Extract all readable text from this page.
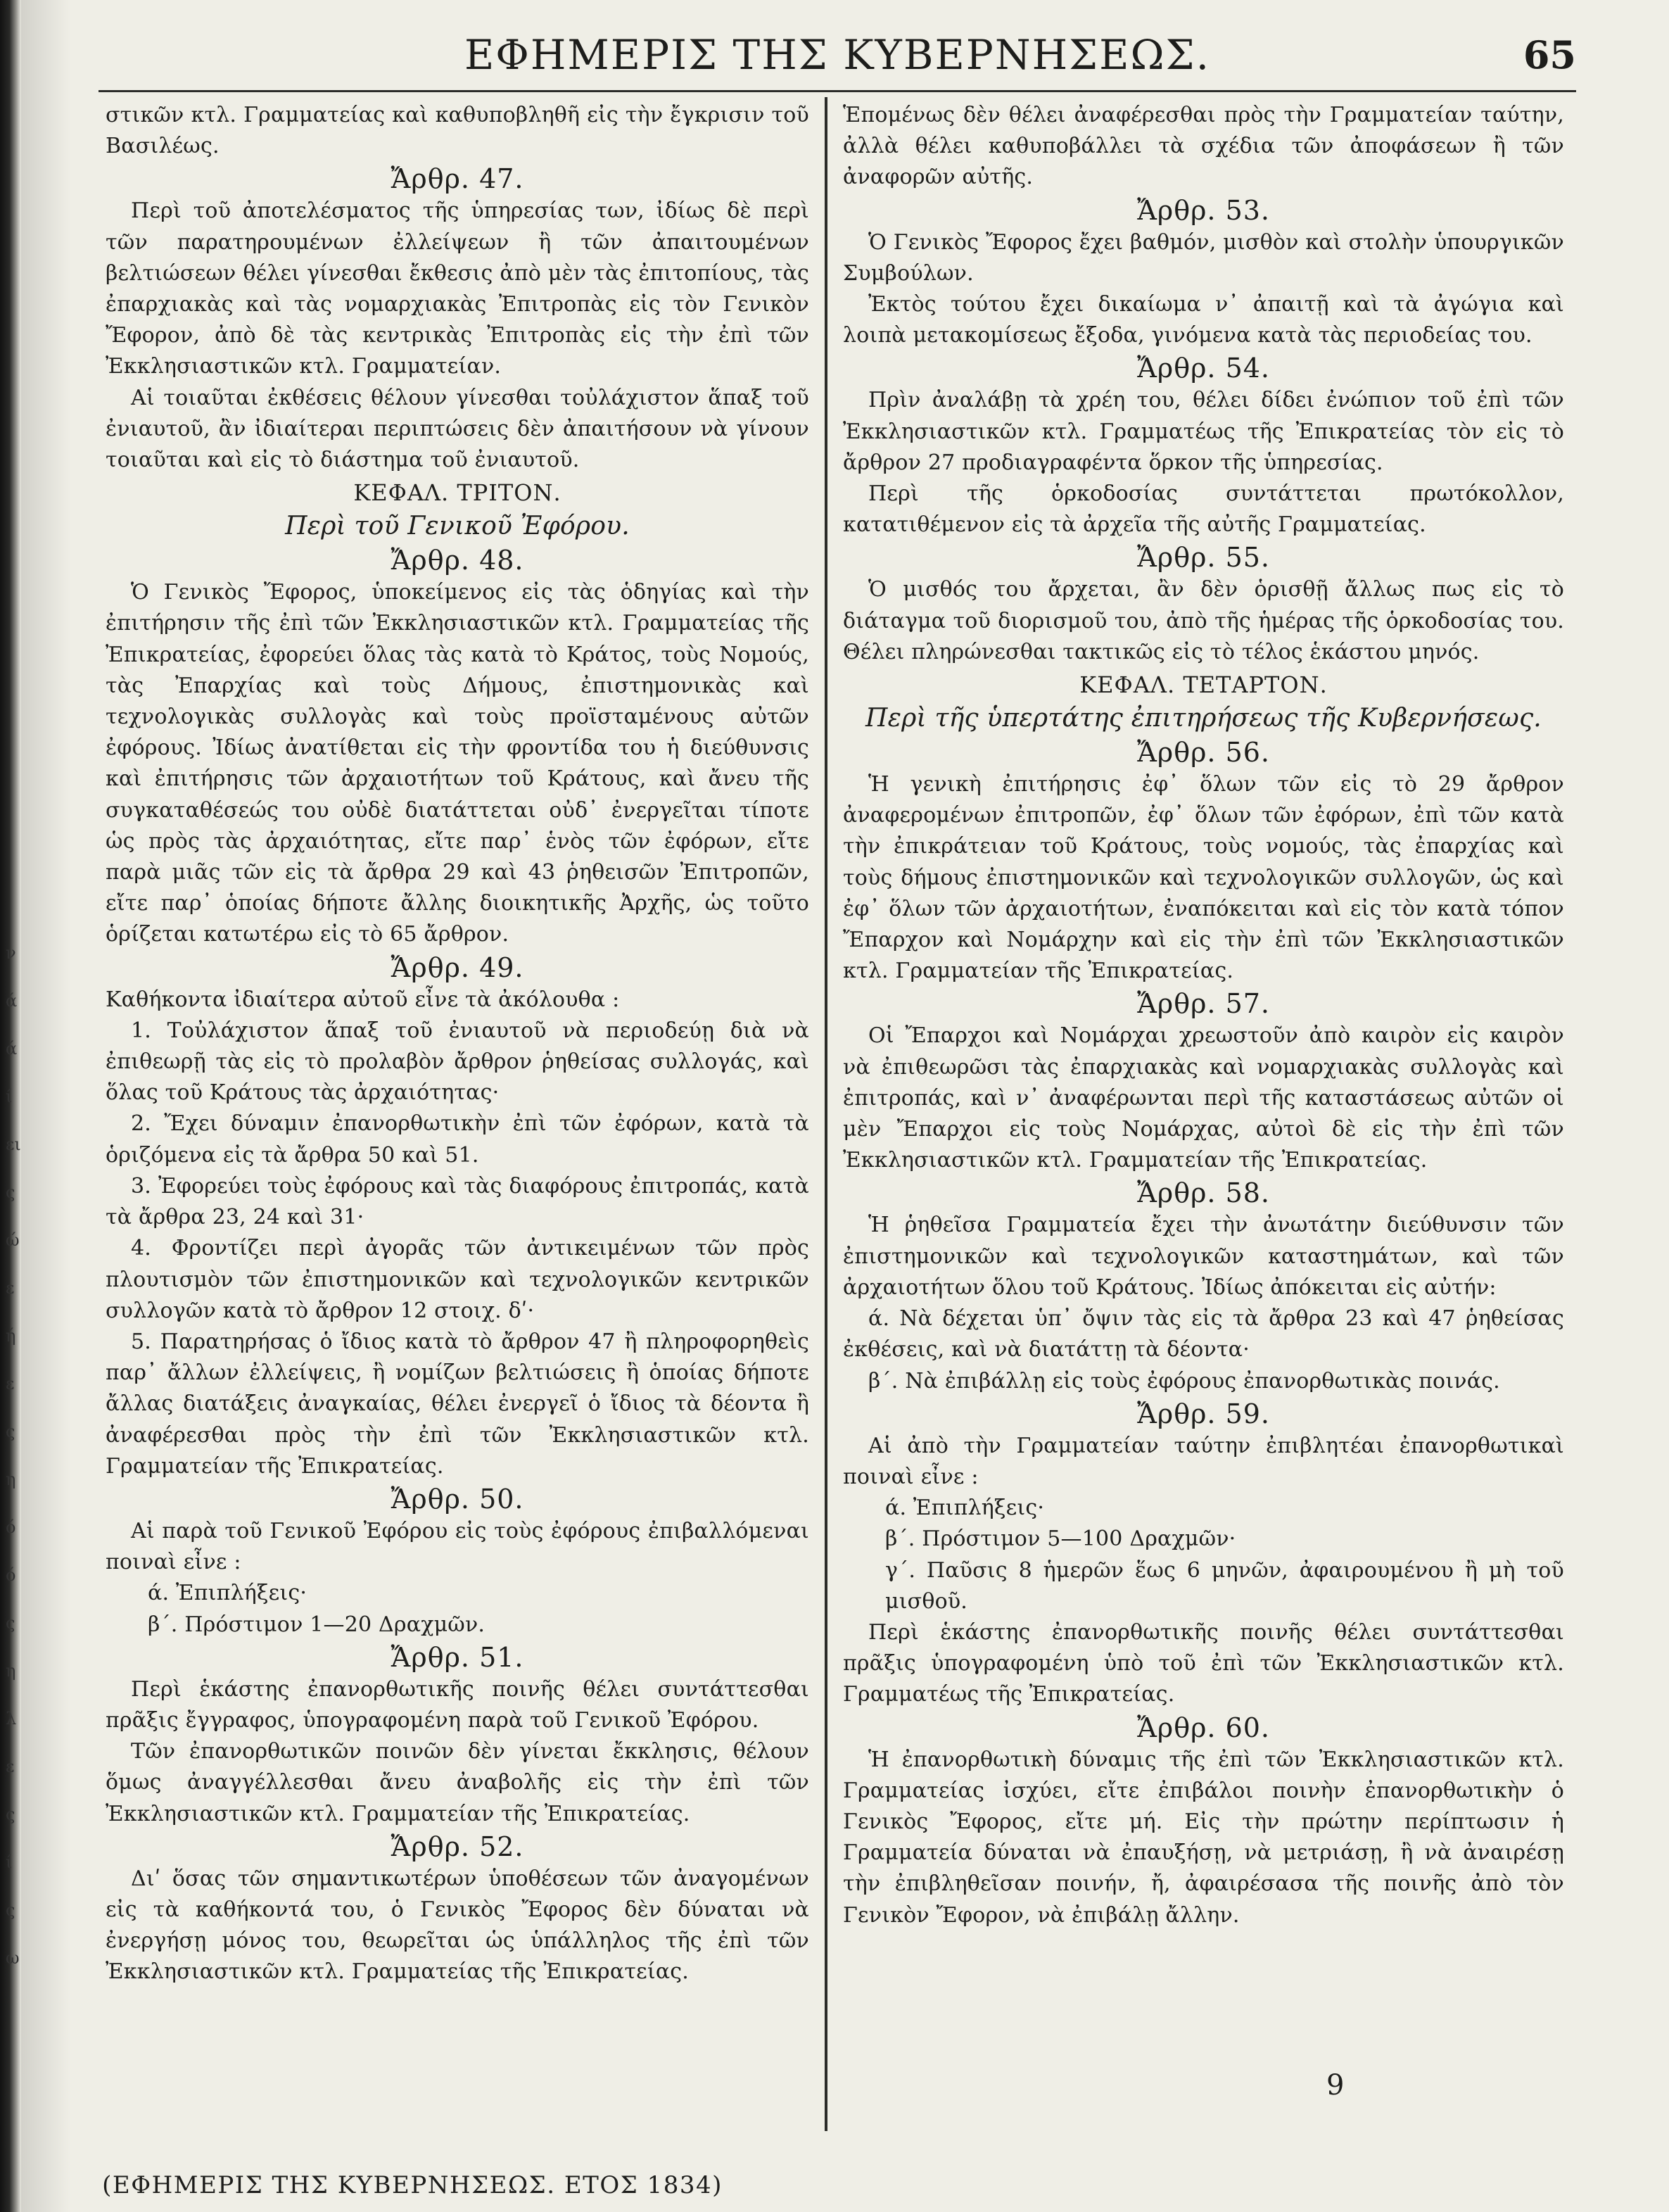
ν
ά
ά
ί
ει
ς
ώ
ε
ή
ε
ς
η
ό
ό
ς
η
λ
ε
ς
ί
ς
ω
ΕΦΗΜΕΡΙΣ ΤΗΣ ΚΥΒΕΡΝΗΣΕΩΣ.	65

στικῶν κτλ. Γραμματείας καὶ καθυποβληθῆ εἰς τὴν ἔγκρισιν τοῦ Βασιλέως.

Ἄρθρ. 47.

Περὶ τοῦ ἀποτελέσματος τῆς ὑπηρεσίας των, ἰδίως δὲ περὶ τῶν παρατηρουμένων ἐλλείψεων ἢ τῶν ἀπαιτουμένων βελτιώσεων θέλει γίνεσθαι ἔκθεσις ἀπὸ μὲν τὰς ἐπιτοπίους, τὰς ἐπαρχιακὰς καὶ τὰς νομαρχιακὰς Ἐπιτροπὰς εἰς τὸν Γενικὸν Ἔφορον, ἀπὸ δὲ τὰς κεντρικὰς Ἐπιτροπὰς εἰς τὴν ἐπὶ τῶν Ἐκκλησιαστικῶν κτλ. Γραμματείαν.

Αἱ τοιαῦται ἐκθέσεις θέλουν γίνεσθαι τοὐλάχιστον ἅπαξ τοῦ ἐνιαυτοῦ, ἂν ἰδιαίτεραι περιπτώσεις δὲν ἀπαιτήσουν νὰ γίνουν τοιαῦται καὶ εἰς τὸ διάστημα τοῦ ἐνιαυτοῦ.

ΚΕΦΑΛ. ΤΡΙΤΟΝ.

Περὶ τοῦ Γενικοῦ Ἐφόρου.

Ἄρθρ. 48.

Ὁ Γενικὸς Ἔφορος, ὑποκείμενος εἰς τὰς ὁδηγίας καὶ τὴν ἐπιτήρησιν τῆς ἐπὶ τῶν Ἐκκλησιαστικῶν κτλ. Γραμματείας τῆς Ἐπικρατείας, ἐφορεύει ὅλας τὰς κατὰ τὸ Κράτος, τοὺς Νομούς, τὰς Ἐπαρχίας καὶ τοὺς Δήμους, ἐπιστημονικὰς καὶ τεχνολογικὰς συλλογὰς καὶ τοὺς προϊσταμένους αὐτῶν ἐφόρους. Ἰδίως ἀνατίθεται εἰς τὴν φροντίδα του ἡ διεύθυνσις καὶ ἐπιτήρησις τῶν ἀρχαιοτήτων τοῦ Κράτους, καὶ ἄνευ τῆς συγκαταθέσεώς του οὐδὲ διατάττεται οὐδ᾽ ἐνεργεῖται τίποτε ὡς πρὸς τὰς ἀρχαιότητας, εἴτε παρ᾽ ἑνὸς τῶν ἐφόρων, εἴτε παρὰ μιᾶς τῶν εἰς τὰ ἄρθρα 29 καὶ 43 ῥηθεισῶν Ἐπιτροπῶν, εἴτε παρ᾽ ὁποίας δήποτε ἄλλης διοικητικῆς Ἀρχῆς, ὡς τοῦτο ὁρίζεται κατωτέρω εἰς τὸ 65 ἄρθρον.

Ἄρθρ. 49.

Καθήκοντα ἰδιαίτερα αὐτοῦ εἶνε τὰ ἀκόλουθα :

1. Τοὐλάχιστον ἅπαξ τοῦ ἐνιαυτοῦ νὰ περιοδεύῃ διὰ νὰ ἐπιθεωρῇ τὰς εἰς τὸ προλαβὸν ἄρθρον ῥηθείσας συλλογάς, καὶ ὅλας τοῦ Κράτους τὰς ἀρχαιότητας·

2. Ἔχει δύναμιν ἐπανορθωτικὴν ἐπὶ τῶν ἐφόρων, κατὰ τὰ ὁριζόμενα εἰς τὰ ἄρθρα 50 καὶ 51.

3. Ἐφορεύει τοὺς ἐφόρους καὶ τὰς διαφόρους ἐπιτροπάς, κατὰ τὰ ἄρθρα 23, 24 καὶ 31·

4. Φροντίζει περὶ ἀγορᾶς τῶν ἀντικειμένων τῶν πρὸς πλουτισμὸν τῶν ἐπιστημονικῶν καὶ τεχνολογικῶν κεντρικῶν συλλογῶν κατὰ τὸ ἄρθρον 12 στοιχ. δʹ·

5. Παρατηρήσας ὁ ἴδιος κατὰ τὸ ἄρθρον 47 ἢ πληροφορηθεὶς παρ᾽ ἄλλων ἐλλείψεις, ἢ νομίζων βελτιώσεις ἢ ὁποίας δήποτε ἄλλας διατάξεις ἀναγκαίας, θέλει ἐνεργεῖ ὁ ἴδιος τὰ δέοντα ἢ ἀναφέρεσθαι πρὸς τὴν ἐπὶ τῶν Ἐκκλησιαστικῶν κτλ. Γραμματείαν τῆς Ἐπικρατείας.

Ἄρθρ. 50.

Αἱ παρὰ τοῦ Γενικοῦ Ἐφόρου εἰς τοὺς ἐφόρους ἐπιβαλλόμεναι ποιναὶ εἶνε :

ά. Ἐπιπλήξεις·
β΄. Πρόστιμον 1—20 Δραχμῶν.

Ἄρθρ. 51.

Περὶ ἑκάστης ἐπανορθωτικῆς ποινῆς θέλει συντάττεσθαι πρᾶξις ἔγγραφος, ὑπογραφομένη παρὰ τοῦ Γενικοῦ Ἐφόρου.

Τῶν ἐπανορθωτικῶν ποινῶν δὲν γίνεται ἔκκλησις, θέλουν ὅμως ἀναγγέλλεσθαι ἄνευ ἀναβολῆς εἰς τὴν ἐπὶ τῶν Ἐκκλησιαστικῶν κτλ. Γραμματείαν τῆς Ἐπικρατείας.

Ἄρθρ. 52.

Διʹ ὅσας τῶν σημαντικωτέρων ὑποθέσεων τῶν ἀναγομένων εἰς τὰ καθήκοντά του, ὁ Γενικὸς Ἔφορος δὲν δύναται νὰ ἐνεργήσῃ μόνος του, θεωρεῖται ὡς ὑπάλληλος τῆς ἐπὶ τῶν Ἐκκλησιαστικῶν κτλ. Γραμματείας τῆς Ἐπικρατείας.

Ἑπομένως δὲν θέλει ἀναφέρεσθαι πρὸς τὴν Γραμματείαν ταύτην, ἀλλὰ θέλει καθυποβάλλει τὰ σχέδια τῶν ἀποφάσεων ἢ τῶν ἀναφορῶν αὐτῆς.

Ἄρθρ. 53.

Ὁ Γενικὸς Ἔφορος ἔχει βαθμόν, μισθὸν καὶ στολὴν ὑπουργικῶν Συμβούλων.

Ἐκτὸς τούτου ἔχει δικαίωμα ν᾽ ἀπαιτῇ καὶ τὰ ἀγώγια καὶ λοιπὰ μετακομίσεως ἔξοδα, γινόμενα κατὰ τὰς περιοδείας του.

Ἄρθρ. 54.

Πρὶν ἀναλάβῃ τὰ χρέη του, θέλει δίδει ἐνώπιον τοῦ ἐπὶ τῶν Ἐκκλησιαστικῶν κτλ. Γραμματέως τῆς Ἐπικρατείας τὸν εἰς τὸ ἄρθρον 27 προδιαγραφέντα ὅρκον τῆς ὑπηρεσίας.

Περὶ τῆς ὁρκοδοσίας συντάττεται πρωτόκολλον, κατατιθέμενον εἰς τὰ ἀρχεῖα τῆς αὐτῆς Γραμματείας.

Ἄρθρ. 55.

Ὁ μισθός του ἄρχεται, ἂν δὲν ὁρισθῇ ἄλλως πως εἰς τὸ διάταγμα τοῦ διορισμοῦ του, ἀπὸ τῆς ἡμέρας τῆς ὁρκοδοσίας του. Θέλει πληρώνεσθαι τακτικῶς εἰς τὸ τέλος ἑκάστου μηνός.

ΚΕΦΑΛ. ΤΕΤΑΡΤΟΝ.

Περὶ τῆς ὑπερτάτης ἐπιτηρήσεως τῆς Κυβερνήσεως.

Ἄρθρ. 56.

Ἡ γενικὴ ἐπιτήρησις ἐφ᾽ ὅλων τῶν εἰς τὸ 29 ἄρθρον ἀναφερομένων ἐπιτροπῶν, ἐφ᾽ ὅλων τῶν ἐφόρων, ἐπὶ τῶν κατὰ τὴν ἐπικράτειαν τοῦ Κράτους, τοὺς νομούς, τὰς ἐπαρχίας καὶ τοὺς δήμους ἐπιστημονικῶν καὶ τεχνολογικῶν συλλογῶν, ὡς καὶ ἐφ᾽ ὅλων τῶν ἀρχαιοτήτων, ἐναπόκειται καὶ εἰς τὸν κατὰ τόπον Ἔπαρχον καὶ Νομάρχην καὶ εἰς τὴν ἐπὶ τῶν Ἐκκλησιαστικῶν κτλ. Γραμματείαν τῆς Ἐπικρατείας.

Ἄρθρ. 57.

Οἱ Ἔπαρχοι καὶ Νομάρχαι χρεωστοῦν ἀπὸ καιρὸν εἰς καιρὸν νὰ ἐπιθεωρῶσι τὰς ἐπαρχιακὰς καὶ νομαρχιακὰς συλλογὰς καὶ ἐπιτροπάς, καὶ ν᾽ ἀναφέρωνται περὶ τῆς καταστάσεως αὐτῶν οἱ μὲν Ἔπαρχοι εἰς τοὺς Νομάρχας, αὐτοὶ δὲ εἰς τὴν ἐπὶ τῶν Ἐκκλησιαστικῶν κτλ. Γραμματείαν τῆς Ἐπικρατείας.

Ἄρθρ. 58.

Ἡ ῥηθεῖσα Γραμματεία ἔχει τὴν ἀνωτάτην διεύθυνσιν τῶν ἐπιστημονικῶν καὶ τεχνολογικῶν καταστημάτων, καὶ τῶν ἀρχαιοτήτων ὅλου τοῦ Κράτους. Ἰδίως ἀπόκειται εἰς αὐτήν:

ά. Νὰ δέχεται ὑπ᾽ ὄψιν τὰς εἰς τὰ ἄρθρα 23 καὶ 47 ῥηθείσας ἐκθέσεις, καὶ νὰ διατάττῃ τὰ δέοντα·

β΄. Νὰ ἐπιβάλλῃ εἰς τοὺς ἐφόρους ἐπανορθωτικὰς ποινάς.

Ἄρθρ. 59.

Αἱ ἀπὸ τὴν Γραμματείαν ταύτην ἐπιβλητέαι ἐπανορθωτικαὶ ποιναὶ εἶνε :

ά. Ἐπιπλήξεις·
β΄. Πρόστιμον 5—100 Δραχμῶν·
γ΄. Παῦσις 8 ἡμερῶν ἕως 6 μηνῶν, ἀφαιρουμένου ἢ μὴ τοῦ μισθοῦ.

Περὶ ἑκάστης ἐπανορθωτικῆς ποινῆς θέλει συντάττεσθαι πρᾶξις ὑπογραφομένη ὑπὸ τοῦ ἐπὶ τῶν Ἐκκλησιαστικῶν κτλ. Γραμματέως τῆς Ἐπικρατείας.

Ἄρθρ. 60.

Ἡ ἐπανορθωτικὴ δύναμις τῆς ἐπὶ τῶν Ἐκκλησιαστικῶν κτλ. Γραμματείας ἰσχύει, εἴτε ἐπιβάλοι ποινὴν ἐπανορθωτικὴν ὁ Γενικὸς Ἔφορος, εἴτε μή. Εἰς τὴν πρώτην περίπτωσιν ἡ Γραμματεία δύναται νὰ ἐπαυξήσῃ, νὰ μετριάσῃ, ἢ νὰ ἀναιρέσῃ τὴν ἐπιβληθεῖσαν ποινήν, ἤ, ἀφαιρέσασα τῆς ποινῆς ἀπὸ τὸν Γενικὸν Ἔφορον, νὰ ἐπιβάλῃ ἄλλην.

9
(ΕΦΗΜΕΡΙΣ ΤΗΣ ΚΥΒΕΡΝΗΣΕΩΣ. ΕΤΟΣ 1834)
